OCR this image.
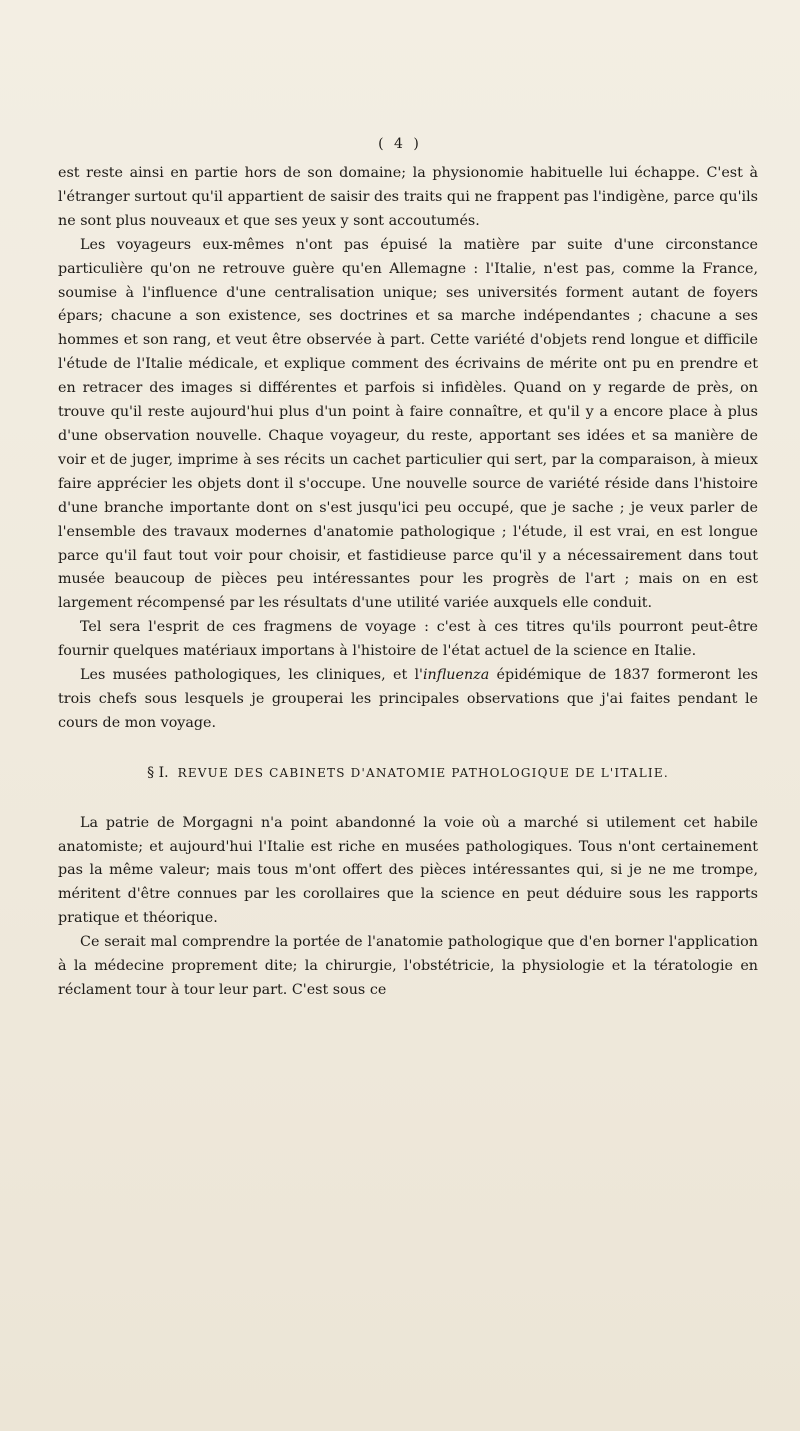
( 4 )

est reste ainsi en partie hors de son domaine; la physionomie habituelle lui échappe. C'est à l'étranger surtout qu'il appartient de saisir des traits qui ne frappent pas l'indigène, parce qu'ils ne sont plus nouveaux et que ses yeux y sont accoutumés.

Les voyageurs eux-mêmes n'ont pas épuisé la matière par suite d'une circonstance particulière qu'on ne retrouve guère qu'en Allemagne : l'Italie, n'est pas, comme la France, soumise à l'influence d'une centralisation unique; ses universités forment autant de foyers épars; chacune a son existence, ses doctrines et sa marche indépendantes ; chacune a ses hommes et son rang, et veut être observée à part. Cette variété d'objets rend longue et difficile l'étude de l'Italie médicale, et explique comment des écrivains de mérite ont pu en prendre et en retracer des images si différentes et parfois si infidèles. Quand on y regarde de près, on trouve qu'il reste aujourd'hui plus d'un point à faire connaître, et qu'il y a encore place à plus d'une observation nouvelle. Chaque voyageur, du reste, apportant ses idées et sa manière de voir et de juger, imprime à ses récits un cachet particulier qui sert, par la comparaison, à mieux faire apprécier les objets dont il s'occupe. Une nouvelle source de variété réside dans l'histoire d'une branche importante dont on s'est jusqu'ici peu occupé, que je sache ; je veux parler de l'ensemble des travaux modernes d'anatomie pathologique ; l'étude, il est vrai, en est longue parce qu'il faut tout voir pour choisir, et fastidieuse parce qu'il y a nécessairement dans tout musée beaucoup de pièces peu intéressantes pour les progrès de l'art ; mais on en est largement récompensé par les résultats d'une utilité variée auxquels elle conduit.

Tel sera l'esprit de ces fragmens de voyage : c'est à ces titres qu'ils pourront peut-être fournir quelques matériaux importans à l'histoire de l'état actuel de la science en Italie.

Les musées pathologiques, les cliniques, et l'influenza épidémique de 1837 formeront les trois chefs sous lesquels je grouperai les principales observations que j'ai faites pendant le cours de mon voyage.

§ I. REVUE DES CABINETS D'ANATOMIE PATHOLOGIQUE DE L'ITALIE.

La patrie de Morgagni n'a point abandonné la voie où a marché si utilement cet habile anatomiste; et aujourd'hui l'Italie est riche en musées pathologiques. Tous n'ont certainement pas la même valeur; mais tous m'ont offert des pièces intéressantes qui, si je ne me trompe, méritent d'être connues par les corollaires que la science en peut déduire sous les rapports pratique et théorique.

Ce serait mal comprendre la portée de l'anatomie pathologique que d'en borner l'application à la médecine proprement dite; la chirurgie, l'obstétricie, la physiologie et la tératologie en réclament tour à tour leur part. C'est sous ce
